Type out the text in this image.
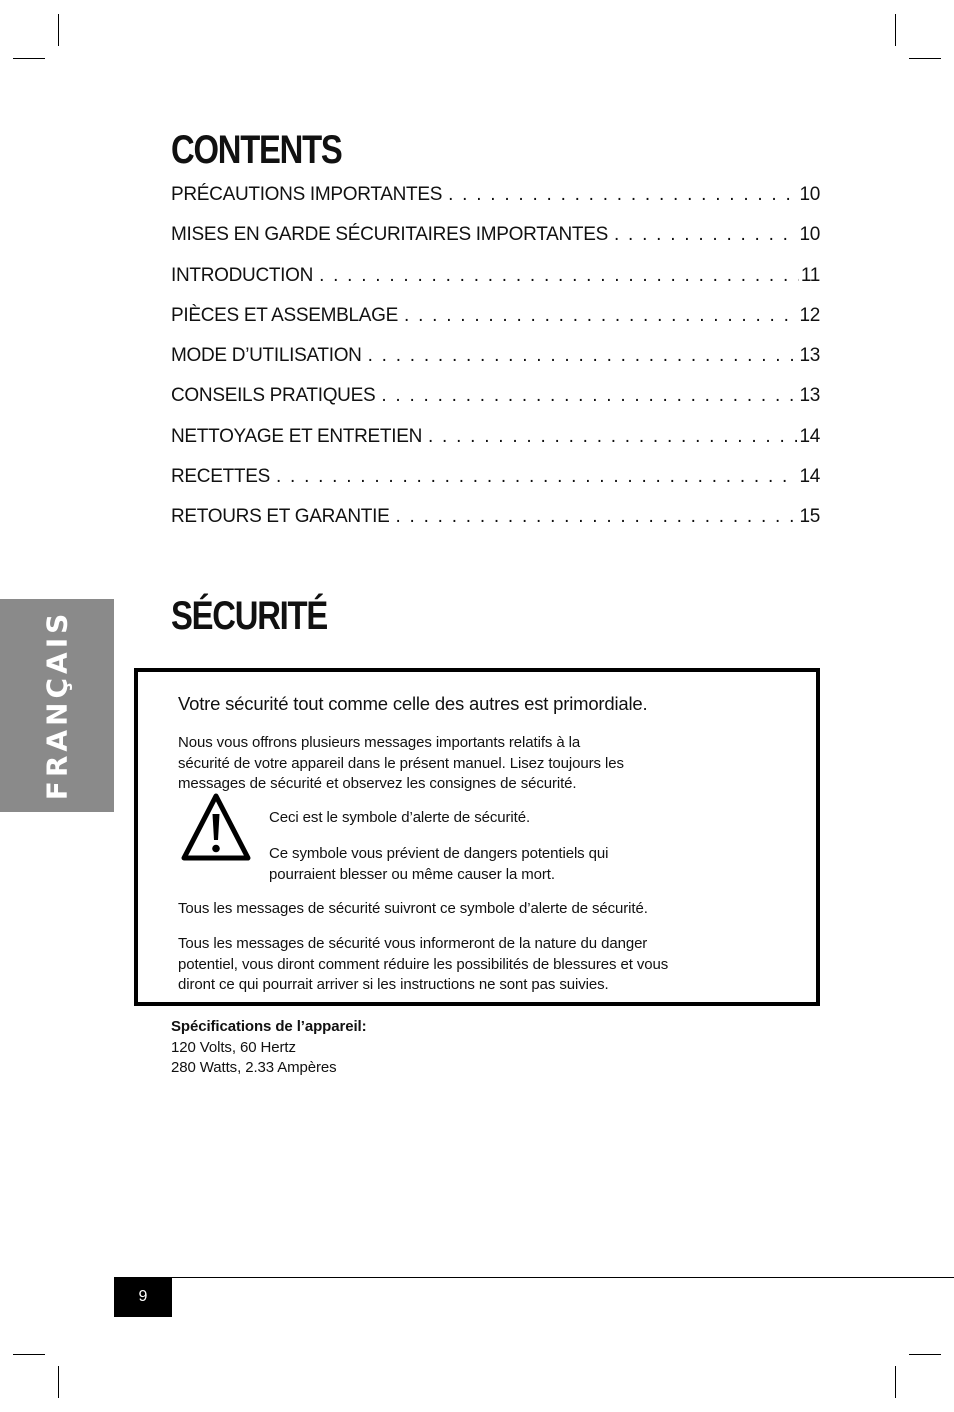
CONTENTS
PRÉCAUTIONS IMPORTANTES . . .	10
MISES EN GARDE SÉCURITAIRES IMPORTANTES . . .	10
INTRODUCTION . . .	11
PIÈCES ET ASSEMBLAGE . . .	12
MODE D’UTILISATION . . .	13
CONSEILS PRATIQUES . . .	13
NETTOYAGE ET ENTRETIEN . . .	14
RECETTES . . .	14
RETOURS ET GARANTIE . . .	15
FRANÇAIS SÉCURITÉ

Votre sécurité tout comme celle des autres est primordiale.

Nous vous offrons plusieurs messages importants relatifs à la
sécurité de votre appareil dans le présent manuel. Lisez toujours les
messages de sécurité et observez les consignes de sécurité.

Ceci est le symbole d’alerte de sécurité.

Ce symbole vous prévient de dangers potentiels qui
pourraient blesser ou même causer la mort.

Tous les messages de sécurité suivront ce symbole d’alerte de sécurité.

Tous les messages de sécurité vous informeront de la nature du danger
potentiel, vous diront comment réduire les possibilités de blessures et vous
diront ce qui pourrait arriver si les instructions ne sont pas suivies.

Spécifications de l’appareil:
120 Volts, 60 Hertz
280 Watts, 2.33 Ampères
9
